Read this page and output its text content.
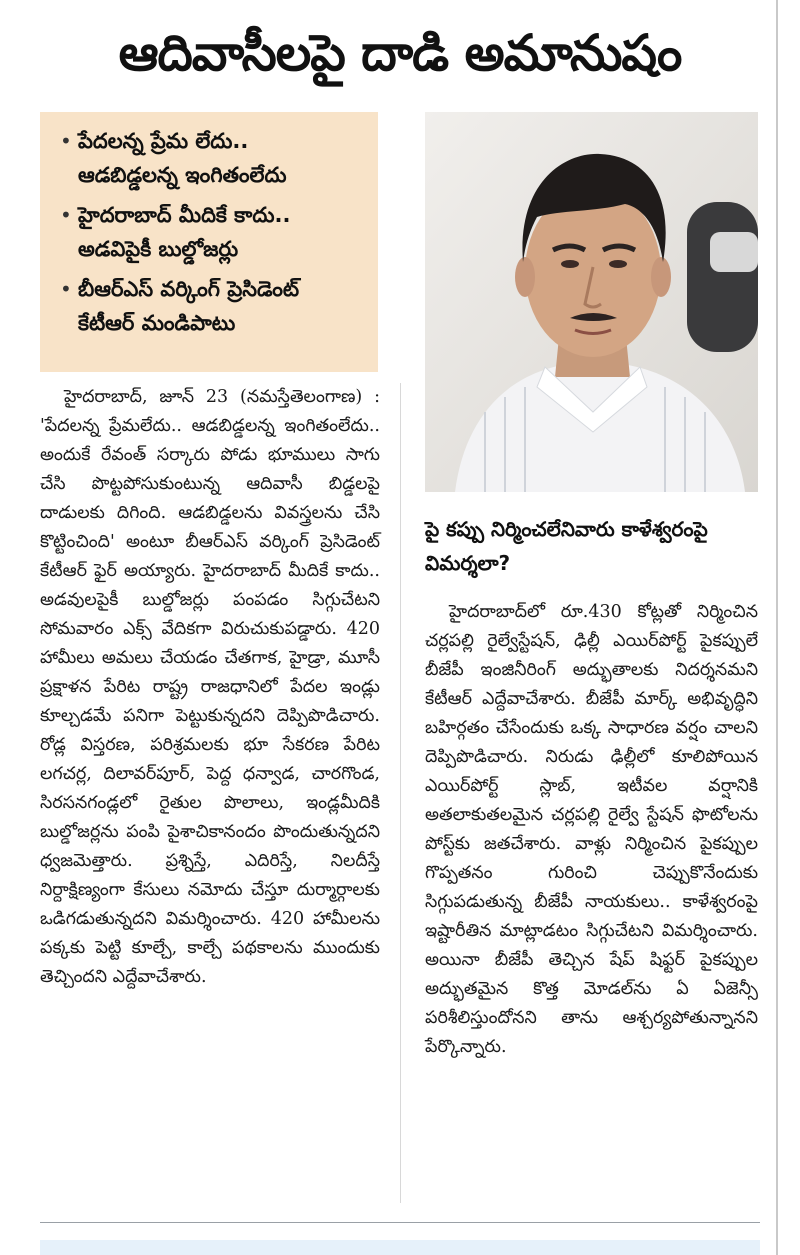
ఆదివాసీలపై దాడి అమానుషం
• పేదలన్న ప్రేమ లేదు..
ఆడబిడ్డలన్న ఇంగితంలేదు
• హైదరాబాద్ మీదికే కాదు..
అడవిపైకీ బుల్డోజర్లు
• బీఆర్ఎస్ వర్కింగ్ ప్రెసిడెంట్
కేటీఆర్ మండిపాటు

హైదరాబాద్, జూన్ 23 (నమస్తేతెలంగాణ) : 'పేదలన్న ప్రేమలేదు.. ఆడబిడ్డలన్న ఇంగితంలేదు.. అందుకే రేవంత్ సర్కారు పోడు భూములు సాగు చేసి పొట్టపోసుకుంటున్న ఆదివాసీ బిడ్డలపై దాడులకు దిగింది. ఆడబిడ్డలను వివస్త్రలను చేసి కొట్టించింది' అంటూ బీఆర్ఎస్ వర్కింగ్ ప్రెసిడెంట్ కేటీఆర్ ఫైర్ అయ్యారు. హైదరాబాద్ మీదికే కాదు.. అడవులపైకీ బుల్డోజర్లు పంపడం సిగ్గుచేటని సోమవారం ఎక్స్ వేదికగా విరుచుకుపడ్డారు. 420 హామీలు అమలు చేయడం చేతగాక, హైడ్రా, మూసీ ప్రక్షాళన పేరిట రాష్ట్ర రాజధానిలో పేదల ఇండ్లు కూల్చడమే పనిగా పెట్టుకున్నదని దెప్పిపొడిచారు. రోడ్ల విస్తరణ, పరిశ్రమలకు భూ సేకరణ పేరిట లగచర్ల, దిలావర్‌పూర్, పెద్ద ధన్వాడ, చారగొండ, సిరసనగండ్లలో రైతుల పొలాలు, ఇండ్లమీదికి బుల్డోజర్లను పంపి పైశాచికానందం పొందుతున్నదని ధ్వజమెత్తారు. ప్రశ్నిస్తే, ఎదిరిస్తే, నిలదీస్తే నిర్దాక్షిణ్యంగా కేసులు నమోదు చేస్తూ దుర్మార్గాలకు ఒడిగడుతున్నదని విమర్శించారు. 420 హామీలను పక్కకు పెట్టి కూల్చే, కాల్చే పథకాలను ముందుకు తెచ్చిందని ఎద్దేవాచేశారు.

పై కప్పు నిర్మించలేనివారు కాళేశ్వరంపై విమర్శలా?

హైదరాబాద్‌లో రూ.430 కోట్లతో నిర్మించిన చర్లపల్లి రైల్వేస్టేషన్, ఢిల్లీ ఎయిర్‌పోర్ట్ పైకప్పులే బీజేపీ ఇంజినీరింగ్ అద్భుతాలకు నిదర్శనమని కేటీఆర్ ఎద్దేవాచేశారు. బీజేపీ మార్క్ అభివృద్ధిని బహిర్గతం చేసేందుకు ఒక్క సాధారణ వర్షం చాలని దెప్పిపొడిచారు. నిరుడు ఢిల్లీలో కూలిపోయిన ఎయిర్‌పోర్ట్ స్లాబ్, ఇటీవల వర్షానికి అతలాకుతలమైన చర్లపల్లి రైల్వే స్టేషన్ ఫొటోలను పోస్ట్‌కు జతచేశారు. వాళ్లు నిర్మించిన పైకప్పుల గొప్పతనం గురించి చెప్పుకొనేందుకు సిగ్గుపడుతున్న బీజేపీ నాయకులు.. కాళేశ్వరంపై ఇష్టారీతిన మాట్లాడటం సిగ్గుచేటని విమర్శించారు. అయినా బీజేపీ తెచ్చిన షేప్ షిఫ్టర్ పైకప్పుల అద్భుతమైన కొత్త మోడల్‌ను ఏ ఏజెన్సీ పరిశీలిస్తుందోనని తాను ఆశ్చర్యపోతున్నానని పేర్కొన్నారు.
